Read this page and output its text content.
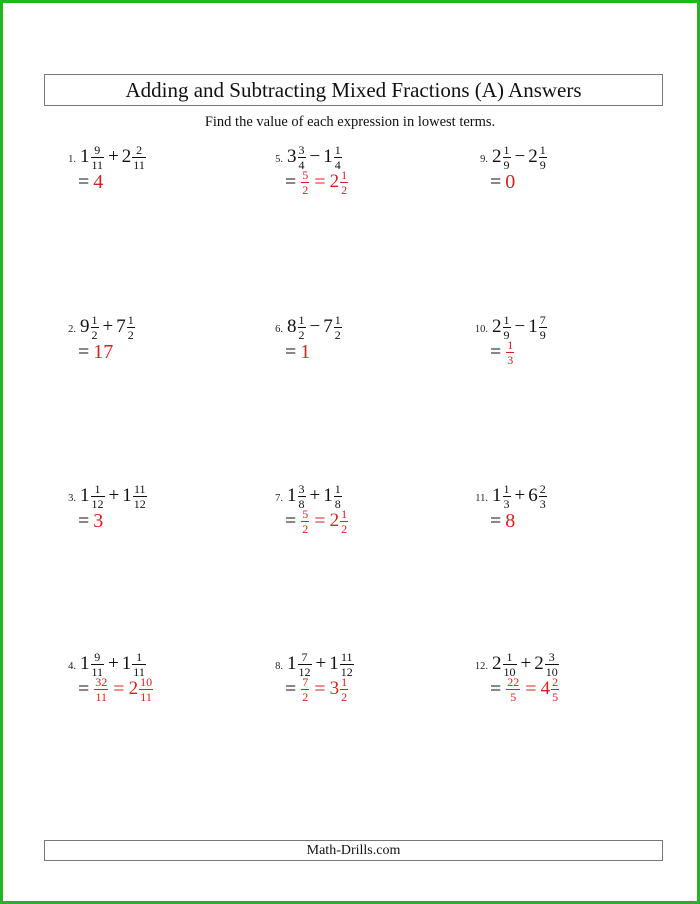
Adding and Subtracting Mixed Fractions (A) Answers
Find the value of each expression in lowest terms.
1. $1 \frac{9}{11} + 2 \frac{2}{11}$
= 4
2. $9 \frac{1}{2} + 7 \frac{1}{2}$
= 17
3. $1 \frac{1}{12} + 1 \frac{11}{12}$
= 3
4. $1 \frac{9}{11} + 1 \frac{1}{11}$
= $\frac{32}{11} = 2 \frac{10}{11}$
5. $3 \frac{3}{4} - 1 \frac{1}{4}$
= $\frac{5}{2} = 2 \frac{1}{2}$
6. $8 \frac{1}{2} - 7 \frac{1}{2}$
= 1
7. $1 \frac{3}{8} + 1 \frac{1}{8}$
= $\frac{5}{2} = 2 \frac{1}{2}$
8. $1 \frac{7}{12} + 1 \frac{11}{12}$
= $\frac{7}{2} = 3 \frac{1}{2}$
9. $2 \frac{1}{9} - 2 \frac{1}{9}$
= 0
10. $2 \frac{1}{9} - 1 \frac{7}{9}$
= $\frac{1}{3}$
11. $1 \frac{1}{3} + 6 \frac{2}{3}$
= 8
12. $2 \frac{1}{10} + 2 \frac{3}{10}$
= $\frac{22}{5} = 4 \frac{2}{5}$
Math-Drills.com
